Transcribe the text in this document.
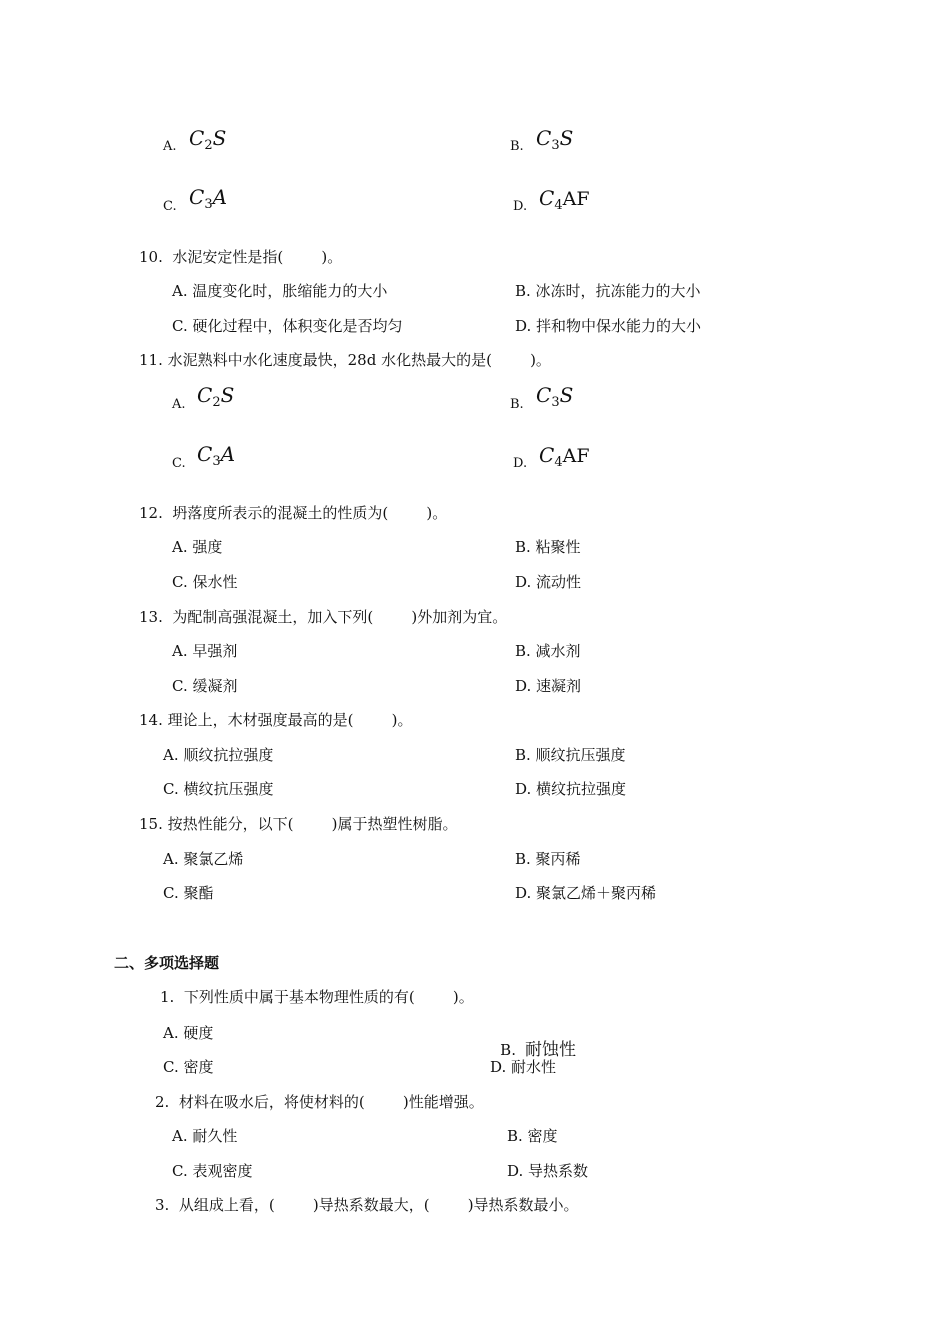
A. $C_2S$	B. $C_3S$
C. $C_3A$	D. $C_4AF$
10.  水泥安定性是指(        )。
A. 温度变化时，胀缩能力的大小	B. 冰冻时，抗冻能力的大小
C. 硬化过程中，体积变化是否均匀	D. 拌和物中保水能力的大小
11. 水泥熟料中水化速度最快，28d 水化热最大的是(        )。
A. $C_2S$	B. $C_3S$
C. $C_3A$	D. $C_4AF$
12.  坍落度所表示的混凝土的性质为(        )。
A. 强度	B. 粘聚性
C. 保水性	D. 流动性
13.  为配制高强混凝土，加入下列(        )外加剂为宜。
A. 早强剂	B. 减水剂
C. 缓凝剂	D. 速凝剂
14. 理论上，木材强度最高的是(        )。
A. 顺纹抗拉强度	B. 顺纹抗压强度
C. 横纹抗压强度	D. 横纹抗拉强度
15. 按热性能分，以下(        )属于热塑性树脂。
A. 聚氯乙烯	B. 聚丙稀
C. 聚酯	D. 聚氯乙烯＋聚丙稀
二、多项选择题
1.  下列性质中属于基本物理性质的有(        )。
A. 硬度

B. 耐蚀性

C. 密度	D. 耐水性
2.  材料在吸水后，将使材料的(        )性能增强。
A. 耐久性	B. 密度
C. 表观密度	D. 导热系数
3.  从组成上看，(        )导热系数最大，(        )导热系数最小。
